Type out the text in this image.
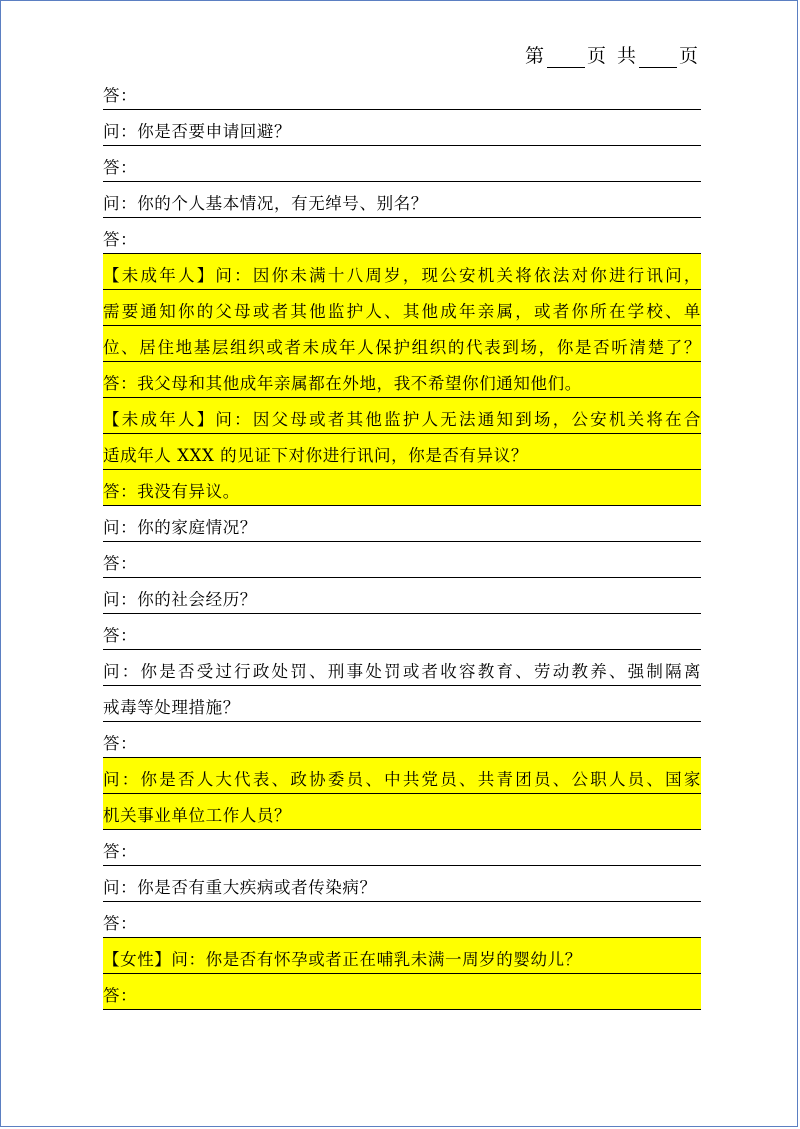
第 页 共 页
答：
问：你是否要申请回避？
答：
问：你的个人基本情况，有无绰号、别名？
答：
【未成年人】问：因你未满十八周岁，现公安机关将依法对你进行讯问，
需要通知你的父母或者其他监护人、其他成年亲属，或者你所在学校、单
位、居住地基层组织或者未成年人保护组织的代表到场，你是否听清楚了？
答：我父母和其他成年亲属都在外地，我不希望你们通知他们。
【未成年人】问：因父母或者其他监护人无法通知到场，公安机关将在合
适成年人 XXX 的见证下对你进行讯问，你是否有异议？
答：我没有异议。
问：你的家庭情况？
答：
问：你的社会经历？
答：
问：你是否受过行政处罚、刑事处罚或者收容教育、劳动教养、强制隔离
戒毒等处理措施？
答：
问：你是否人大代表、政协委员、中共党员、共青团员、公职人员、国家
机关事业单位工作人员？
答：
问：你是否有重大疾病或者传染病？
答：
【女性】问：你是否有怀孕或者正在哺乳未满一周岁的婴幼儿？
答：
